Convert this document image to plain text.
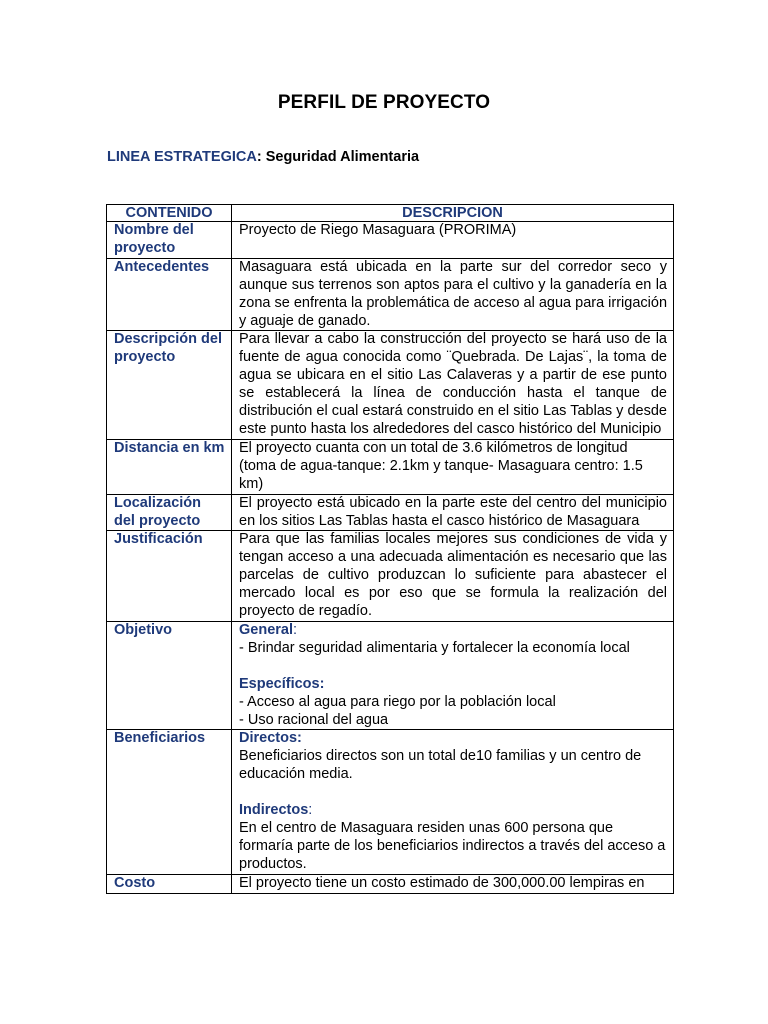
PERFIL DE PROYECTO
LINEA ESTRATEGICA: Seguridad Alimentaria
CONTENIDO	DESCRIPCION
Nombre del proyecto	Proyecto de Riego Masaguara (PRORIMA)
Antecedentes	Masaguara está ubicada en la parte sur del corredor seco y aunque sus terrenos son aptos para el cultivo y la ganadería en la zona se enfrenta la problemática de acceso al agua para irrigación y aguaje de ganado.
Descripción del proyecto	Para llevar a cabo la construcción del proyecto se hará uso de la fuente de agua conocida como ¨Quebrada. De Lajas¨, la toma de agua se ubicara en el sitio Las Calaveras y a partir de ese punto se establecerá la línea de conducción hasta el tanque de distribución el cual estará construido en el sitio Las Tablas y desde este punto hasta los alrededores del casco histórico del Municipio
Distancia en km	El proyecto cuanta con un total de 3.6 kilómetros de longitud (toma de agua-tanque: 2.1km y tanque- Masaguara centro: 1.5 km)
Localización del proyecto	El proyecto está ubicado en la parte este del centro del municipio en los sitios Las Tablas hasta el casco histórico de Masaguara
Justificación	Para que las familias locales mejores sus condiciones de vida y tengan acceso a una adecuada alimentación es necesario que las parcelas de cultivo produzcan lo suficiente para abastecer el mercado local es por eso que se formula la realización del proyecto de regadío.
Objetivo	General:
- Brindar seguridad alimentaria y fortalecer la economía local
Específicos:
- Acceso al agua para riego por la población local
- Uso racional del agua

Beneficiarios	Directos:
Beneficiarios directos son un total de10 familias y un centro de educación media.
Indirectos:
En el centro de Masaguara residen unas 600 persona que formaría parte de los beneficiarios indirectos a través del acceso a productos.

Costo	El proyecto tiene un costo estimado de 300,000.00 lempiras en
